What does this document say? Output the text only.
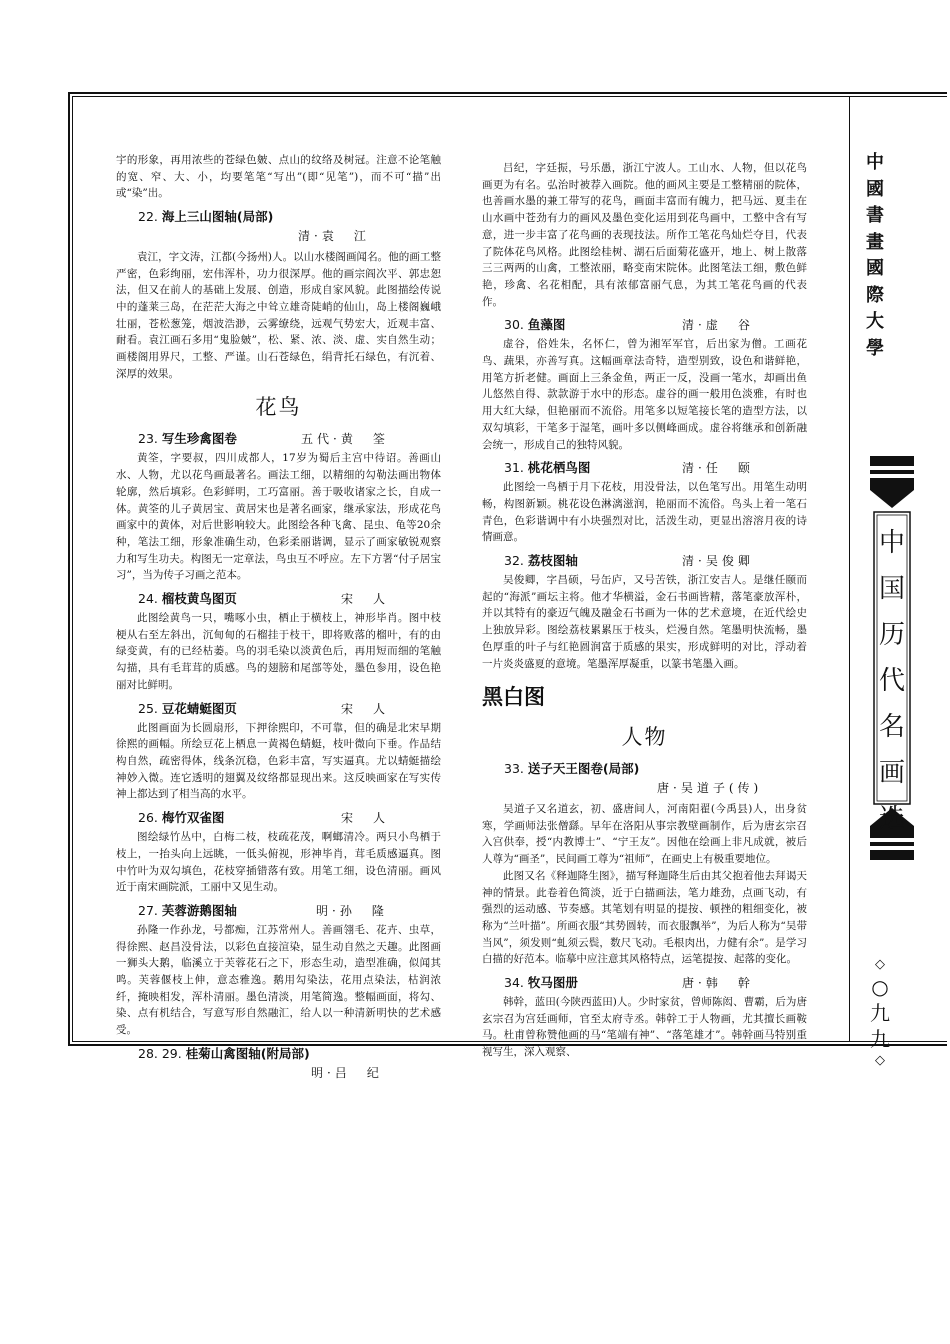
宇的形象，再用浓些的苍绿色皴、点山的纹络及树冠。注意不论笔触的宽、窄、大、小，均要笔笔“写出”(即“见笔”)，而不可“描”出或“染”出。

22. 海上三山图轴(局部)
清·袁　江

袁江，字文涛，江都(今扬州)人。以山水楼阁画闻名。他的画工整严密，色彩绚丽，宏伟浑朴，功力很深厚。他的画宗阎次平、郭忠恕法，但又在前人的基础上发展、创造，形成自家风貌。此图描绘传说中的蓬莱三岛，在茫茫大海之中耸立雄奇陡峭的仙山，岛上楼阁巍峨壮丽，苍松葱笼，烟波浩渺，云雾缭绕，远观气势宏大，近观丰富、耐看。袁江画石多用“鬼脸皴”，松、紧、浓、淡、虚、实自然生动；画楼阁用界尺，工整、严谨。山石苍绿色，绢背托石绿色，有沉着、深厚的效果。

花鸟
23. 写生珍禽图卷	五代·黄　筌

黄筌，字要叔，四川成都人，17岁为蜀后主宫中待诏。善画山水、人物，尤以花鸟画最著名。画法工细，以精细的勾勒法画出物体轮廓，然后填彩。色彩鲜明，工巧富丽。善于吸收诸家之长，自成一体。黄筌的儿子黄居宝、黄居宋也是著名画家，继承家法，形成花鸟画家中的黄体，对后世影响较大。此图绘各种飞禽、昆虫、龟等20余种，笔法工细，形象准确生动，色彩柔丽谐调，显示了画家敏锐观察力和写生功夫。构图无一定章法，鸟虫互不呼应。左下方署“付子居宝习”，当为传子习画之范本。

24. 榴枝黄鸟图页	宋　人

此图绘黄鸟一只，嘴啄小虫，栖止于横枝上，神形毕肖。图中枝梗从右至左斜出，沉甸甸的石榴挂于枝干，即将败落的榴叶，有的由绿变黄，有的已经枯萎。鸟的羽毛染以淡黄色后，再用短而细的笔触勾描，具有毛茸茸的质感。鸟的翅膀和尾部等处，墨色参用，设色艳丽对比鲜明。

25. 豆花蜻蜓图页	宋　人

此图画面为长圆扇形，下押徐熙印，不可靠，但的确是北宋早期徐熙的画幅。所绘豆花上栖息一黄褐色蜻蜓，枝叶微向下垂。作品结构自然，疏密得体，线条沉稳，色彩丰富，写实逼真。尤以蜻蜓描绘神妙入微。连它透明的翅翼及纹络都显现出来。这反映画家在写实传神上都达到了相当高的水平。

26. 梅竹双雀图	宋　人

图绘绿竹丛中，白梅二枝，枝疏花茂，啊螂清冷。两只小鸟栖于枝上，一抬头向上远眺，一低头俯视，形神毕肖，茸毛质感逼真。图中竹叶为双勾填色，花枝穿插错落有致。用笔工细，设色清丽。画风近于南宋画院派，工丽中又见生动。

27. 芙蓉游鹅图轴	明·孙　隆

孙隆一作孙龙，号都痴，江苏常州人。善画翎毛、花卉、虫草，得徐熙、赵昌没骨法，以彩色直接渲染，显生动自然之天趣。此图画一狮头大鹅，临溪立于芙蓉花石之下，形态生动，造型准确，似闻其鸣。芙蓉偃枝上伸，意态雅逸。鹅用勾染法，花用点染法，枯润浓纤，掩映相发，浑朴清丽。墨色清淡，用笔简逸。整幅画面，将勾、染、点有机结合，写意写形自然融汇，给人以一种清新明快的艺术感受。

28. 29. 桂菊山禽图轴(附局部)
明·吕　纪

吕纪，字廷振，号乐愚，浙江宁波人。工山水、人物，但以花鸟画更为有名。弘治时被荐入画院。他的画风主要是工整精丽的院体，也善画水墨的兼工带写的花鸟，画面丰富而有魄力，把马远、夏圭在山水画中苍劲有力的画风及墨色变化运用到花鸟画中，工整中含有写意，进一步丰富了花鸟画的表现技法。所作工笔花鸟灿烂夺目，代表了院体花鸟风格。此图绘桂树、湖石后面菊花盛开，地上、树上散落三三两两的山禽，工整浓丽，略变南宋院体。此图笔法工细，敷色鲜艳，珍禽、名花相配，具有浓郁富丽气息，为其工笔花鸟画的代表作。

30. 鱼藻图	清·虚　谷

虚谷，俗姓朱，名怀仁，曾为湘军军官，后出家为僧。工画花鸟、蔬果，亦善写真。这幅画章法奇特，造型别致，设色和谐鲜艳，用笔方折老健。画面上三条金鱼，两正一反，没画一笔水，却画出鱼儿悠然自得、款款游于水中的形态。虚谷的画一般用色淡雅，有时也用大红大绿，但艳丽而不流俗。用笔多以短笔接长笔的造型方法，以双勾填彩，干笔多于湿笔，画叶多以侧峰画成。虚谷将继承和创新融会统一，形成自己的独特风貌。

31. 桃花栖鸟图	清·任　颐

此图绘一鸟栖于月下花枝，用没骨法，以色笔写出。用笔生动明畅，构图新颖。桃花设色淋漓滋润，艳丽而不流俗。鸟头上着一笔石青色，色彩谐调中有小块强烈对比，活泼生动，更显出溶溶月夜的诗情画意。

32. 荔枝图轴	清·吴俊卿

吴俊卿，字昌硕，号缶庐，又号苦铁，浙江安吉人。是继任颐而起的“海派”画坛主将。他才华横溢，金石书画皆精，落笔豪放浑朴，并以其特有的豪迈气魄及融金石书画为一体的艺术意境，在近代绘史上独放异彩。图绘荔枝累累压于枝头，烂漫自然。笔墨明快流畅，墨色厚重的叶子与红艳圆润富于质感的果实，形成鲜明的对比，浮动着一片炎炎盛夏的意境。笔墨浑厚凝重，以篆书笔墨入画。

黑白图
人物
33. 送子天王图卷(局部)
唐·吴道子(传)

吴道子又名道玄，初、盛唐间人，河南阳翟(今禹县)人，出身贫寒，学画师法张僧繇。早年在洛阳从事宗教壁画制作，后为唐玄宗召入宫供奉，授“内教博士”、“宁王友”。因他在绘画上非凡成就，被后人尊为“画圣”，民间画工尊为“祖师”，在画史上有极重要地位。

此图又名《释迦降生图》，描写释迦降生后由其父抱着他去拜谒天神的情景。此卷着色简淡，近于白描画法，笔力雄劲，点画飞动，有强烈的运动感、节奏感。其笔划有明显的提按、顿挫的粗细变化，被称为“兰叶描”。所画衣服“其势圆转，而衣服飘举”，为后人称为“吴带当风”，须发则“虬须云鬓，数尺飞动。毛根肉出，力健有余”。是学习白描的好范本。临摹中应注意其风格特点，运笔提按、起落的变化。

34. 牧马图册	唐·韩　幹

韩幹，蓝田(今陕西蓝田)人。少时家贫，曾师陈闳、曹霸，后为唐玄宗召为宫廷画师，官至太府寺丞。韩幹工于人物画，尤其擅长画鞍马。杜甫曾称赞他画的马“笔端有神”、“落笔雄才”。韩幹画马特别重视写生，深入观察、

中
國
書
畫
國
際
大
學
中
国
历
代
名
画
选
◇
○
九
九
◇
